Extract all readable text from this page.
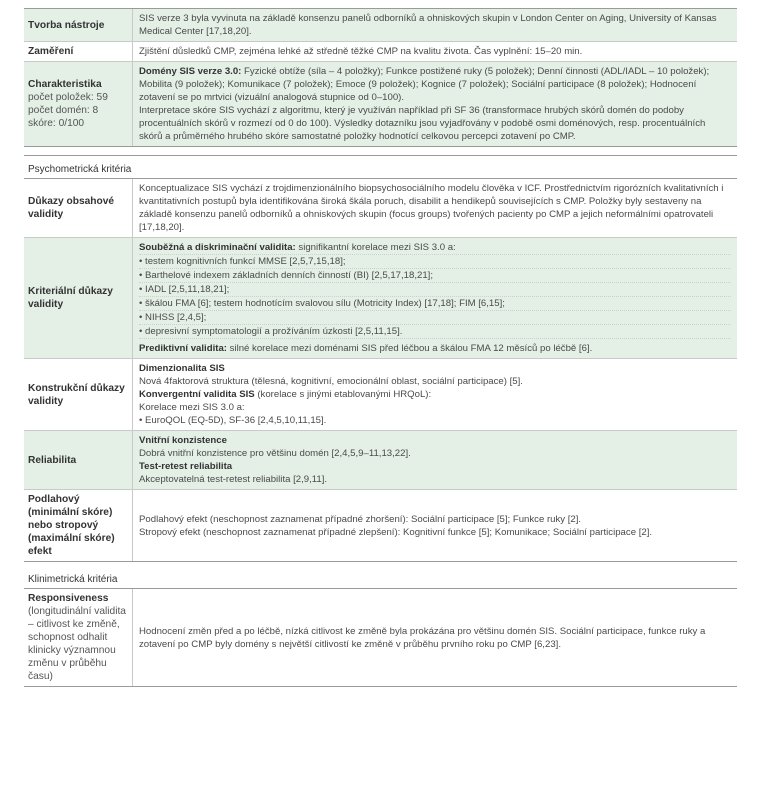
Tvorba nástroje
SIS verze 3 byla vyvinuta na základě konsenzu panelů odborníků a ohniskových skupin v London Center on Aging, University of Kansas Medical Center [17,18,20].
Zaměření	Zjištění důsledků CMP, zejména lehké až středně těžké CMP na kvalitu života. Čas vyplnění: 15–20 min.
Charakteristika
počet položek: 59
počet domén: 8
skóre: 0/100

Domény SIS verze 3.0: Fyzické obtíže (síla – 4 položky); Funkce postižené ruky (5 položek); Denní činnosti (ADL/IADL – 10 položek); Mobilita (9 položek); Komunikace (7 položek); Emoce (9 položek); Kognice (7 položek); Sociální participace (8 položek); Hodnocení zotavení se po mrtvici (vizuální analogová stupnice od 0–100).

Interpretace skóre SIS vychází z algoritmu, který je využíván například při SF 36 (transformace hrubých skórů domén do podoby procentuálních skórů v rozmezí od 0 do 100). Výsledky dotazníku jsou vyjadřovány v podobě osmi doménových, resp. procentuálních skórů a průměrného hrubého skóre samostatné položky hodnotící celkovou percepci zotavení po CMP.

Psychometrická kritéria
Důkazy obsahové validity
Konceptualizace SIS vychází z trojdimenzionálního biopsychosociálního modelu člověka v ICF. Prostřednictvím rigorózních kvalitativních i kvantitativních postupů byla identifikována široká škála poruch, disabilit a hendikepů souvisejících s CMP. Položky byly sestaveny na základě konsenzu panelů odborníků a ohniskových skupin (focus groups) tvořených pacienty po CMP a jejich neformálními opatrovateli [17,18,20].
Kriteriální důkazy validity

Souběžná a diskriminační validita: signifikantní korelace mezi SIS 3.0 a:

• testem kognitivních funkcí MMSE [2,5,7,15,18];

• Barthelové indexem základních denních činností (BI) [2,5,17,18,21];

• IADL [2,5,11,18,21];

• škálou FMA [6]; testem hodnotícím svalovou sílu (Motricity Index) [17,18]; FIM [6,15];

• NIHSS [2,4,5];

• depresivní symptomatologií a prožíváním úzkosti [2,5,11,15].

Prediktivní validita: silné korelace mezi doménami SIS před léčbou a škálou FMA 12 měsíců po léčbě [6].

Konstrukční důkazy validity

Dimenzionalita SIS

Nová 4faktorová struktura (tělesná, kognitivní, emocionální oblast, sociální participace) [5].

Konvergentní validita SIS (korelace s jinými etablovanými HRQoL):

Korelace mezi SIS 3.0 a:

• EuroQOL (EQ-5D), SF-36 [2,4,5,10,11,15].

Reliabilita

Vnitřní konzistence

Dobrá vnitřní konzistence pro většinu domén [2,4,5,9–11,13,22].

Test-retest reliabilita

Akceptovatelná test-retest reliabilita [2,9,11].

Podlahový (minimální skóre) nebo stropový (maximální skóre) efekt

Podlahový efekt (neschopnost zaznamenat případné zhoršení): Sociální participace [5]; Funkce ruky [2].

Stropový efekt (neschopnost zaznamenat případné zlepšení): Kognitivní funkce [5]; Komunikace; Sociální participace [2].

Klinimetrická kritéria
Responsiveness
(longitudinální validita – citlivost ke změně, schopnost odhalit klinicky významnou změnu v průběhu času)
Hodnocení změn před a po léčbě, nízká citlivost ke změně byla prokázána pro většinu domén SIS. Sociální participace, funkce ruky a zotavení po CMP byly domény s největší citlivostí ke změně v průběhu prvního roku po CMP [6,23].
